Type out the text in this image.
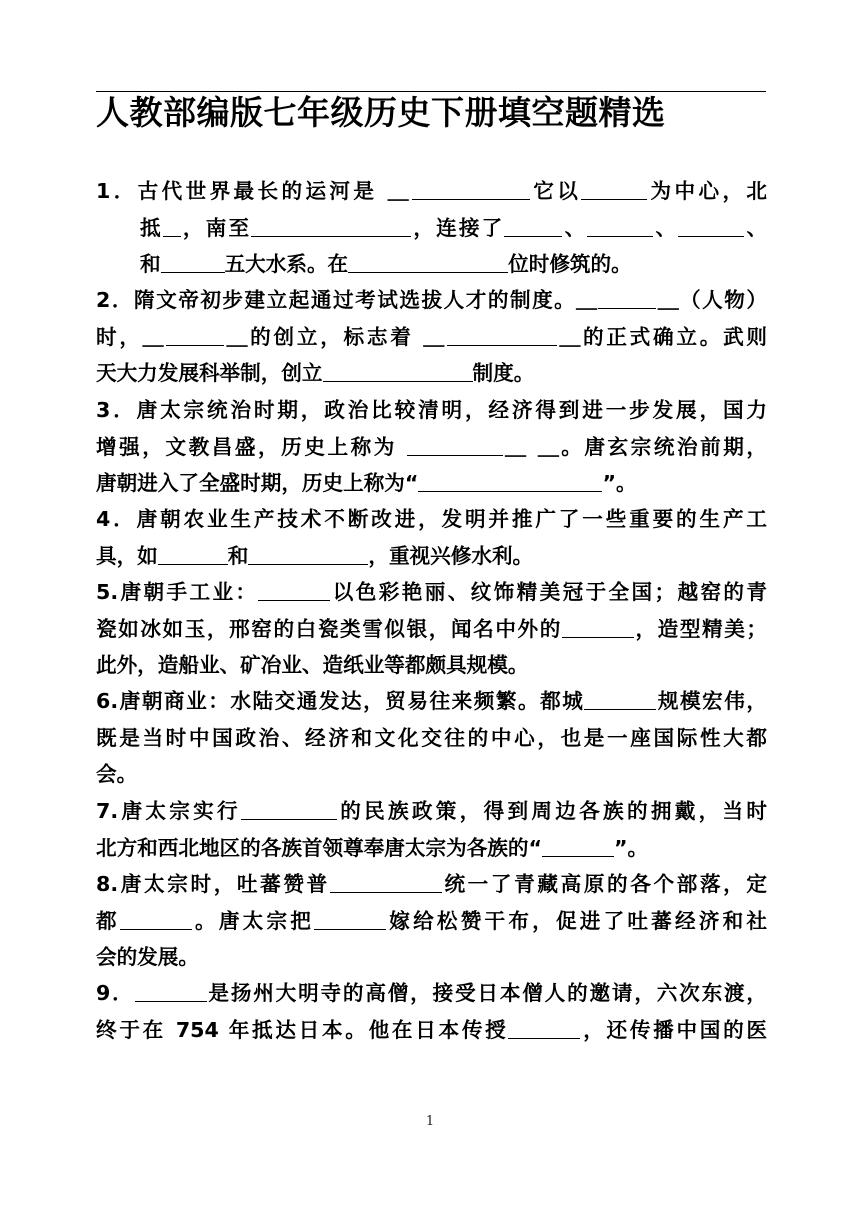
人教部编版七年级历史下册填空题精选
1．古代世界最长的运河是 ＿	它以	为中心，北
抵 ，南至	，连接了	、	、	、
和	五大水系。在	位时修筑的。
2．隋文帝初步建立起通过考试选拔人才的制度。＿	＿（人物）
时，＿	＿的创立，标志着 ＿	＿的正式确立。武则
天大力发展科举制，创立	制度。
3．唐太宗统治时期，政治比较清明，经济得到进一步发展，国力
增强，文教昌盛，历史上称为	＿ ＿。唐玄宗统治前期，
唐朝进入了全盛时期，历史上称为“	”。
4．唐朝农业生产技术不断改进，发明并推广了一些重要的生产工
具，如	和	，重视兴修水利。
5.唐朝手工业：	以色彩艳丽、纹饰精美冠于全国；越窑的青
瓷如冰如玉，邢窑的白瓷类雪似银，闻名中外的	，造型精美；
此外，造船业、矿冶业、造纸业等都颇具规模。
6.唐朝商业：水陆交通发达，贸易往来频繁。都城	规模宏伟，
既是当时中国政治、经济和文化交往的中心，也是一座国际性大都
会。
7.唐太宗实行	的民族政策，得到周边各族的拥戴，当时
北方和西北地区的各族首领尊奉唐太宗为各族的“	”。
8.唐太宗时，吐蕃赞普	统一了青藏高原的各个部落，定
都	。唐太宗把	嫁给松赞干布，促进了吐蕃经济和社
会的发展。
9．	是扬州大明寺的高僧，接受日本僧人的邀请，六次东渡，
终于在 754 年抵达日本。他在日本传授	，还传播中国的医
1
